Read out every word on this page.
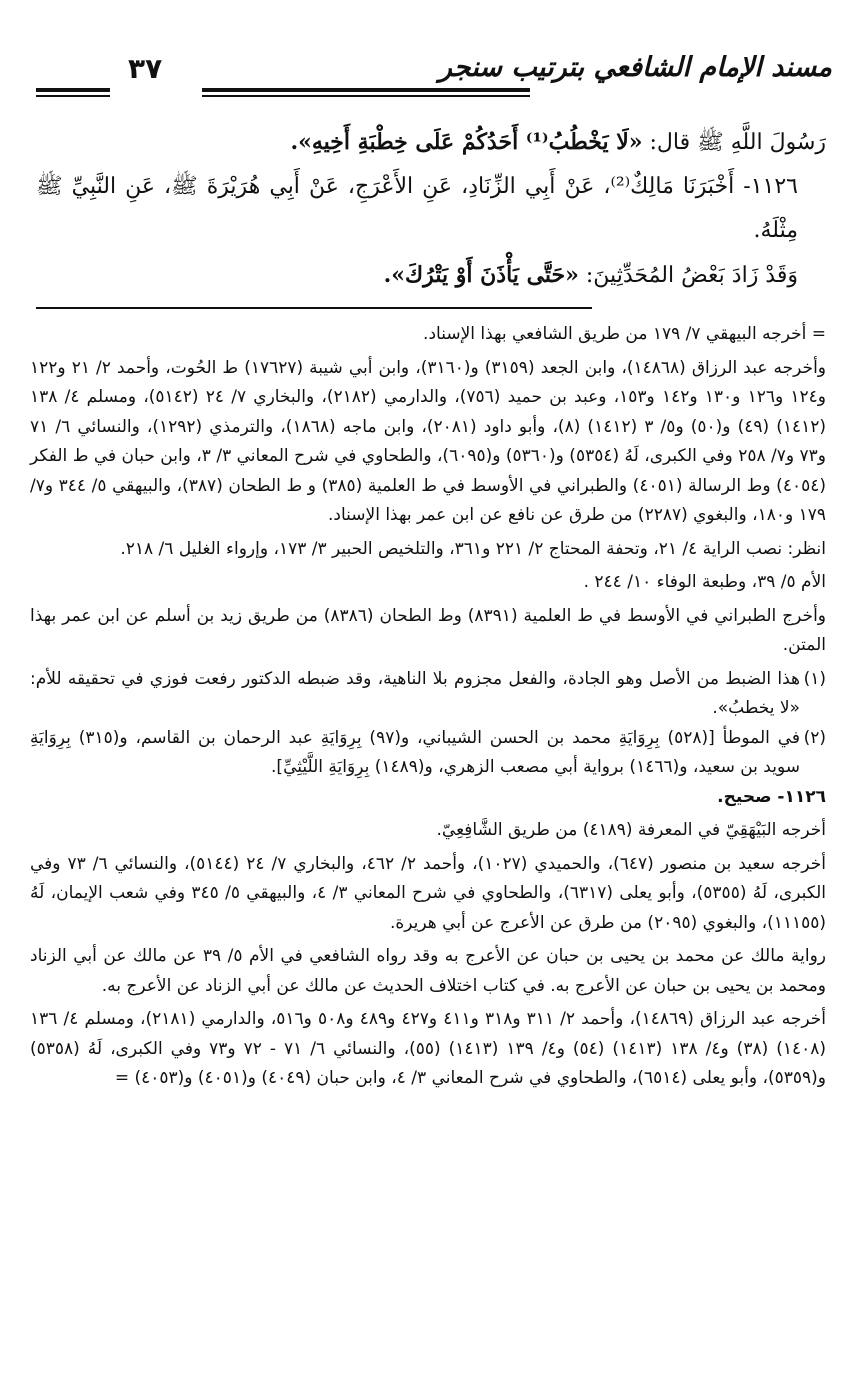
مسند الإمام الشافعي بترتيب سنجر
٣٧

رَسُولَ اللَّهِ ﷺ قال: «لَا يَخْطُبُ⁽¹⁾ أَحَدُكُمْ عَلَى خِطْبَةِ أَخِيهِ».

١١٢٦- أَخْبَرَنَا مَالِكٌ⁽²⁾، عَنْ أَبِي الزِّنَادِ، عَنِ الأَعْرَجِ، عَنْ أَبِي هُرَيْرَةَ ﷺ، عَنِ النَّبِيِّ ﷺ مِثْلَهُ.

وَقَدْ زَادَ بَعْضُ المُحَدِّثِينَ: «حَتَّى يَأْذَنَ أَوْ يَتْرُكَ».

= أخرجه البيهقي ٧/ ١٧٩ من طريق الشافعي بهذا الإسناد.

وأخرجه عبد الرزاق (١٤٨٦٨)، وابن الجعد (٣١٥٩) و(٣١٦٠)، وابن أبي شيبة (١٧٦٢٧) ط الحُوت، وأحمد ٢/ ٢١ و١٢٢ و١٢٤ و١٢٦ و١٣٠ و١٤٢ و١٥٣، وعبد بن حميد (٧٥٦)، والدارمي (٢١٨٢)، والبخاري ٧/ ٢٤ (٥١٤٢)، ومسلم ٤/ ١٣٨ (١٤١٢) (٤٩) و(٥٠) و٥/ ٣ (١٤١٢) (٨)، وأبو داود (٢٠٨١)، وابن ماجه (١٨٦٨)، والترمذي (١٢٩٢)، والنسائي ٦/ ٧١ و٧٣ و٧/ ٢٥٨ وفي الكبرى، لَهُ (٥٣٥٤) و(٥٣٦٠) و(٦٠٩٥)، والطحاوي في شرح المعاني ٣/ ٣، وابن حبان في ط الفكر (٤٠٥٤) وط الرسالة (٤٠٥١) والطبراني في الأوسط في ط العلمية (٣٨٥) و ط الطحان (٣٨٧)، والبيهقي ٥/ ٣٤٤ و٧/ ١٧٩ و١٨٠، والبغوي (٢٢٨٧) من طرق عن نافع عن ابن عمر بهذا الإسناد.

انظر: نصب الراية ٤/ ٢١، وتحفة المحتاج ٢/ ٢٢١ و٣٦١، والتلخيص الحبير ٣/ ١٧٣، وإرواء الغليل ٦/ ٢١٨.

الأم ٥/ ٣٩، وطبعة الوفاء ١٠/ ٢٤٤ .

وأخرج الطبراني في الأوسط في ط العلمية (٨٣٩١) وط الطحان (٨٣٨٦) من طريق زيد بن أسلم عن ابن عمر بهذا المتن.

(١)
هذا الضبط من الأصل وهو الجادة، والفعل مجزوم بلا الناهية، وقد ضبطه الدكتور رفعت فوزي في تحقيقه للأم: «لا يخطبُ».
(٢)
في الموطأ [(٥٢٨) بِرِوَايَةِ محمد بن الحسن الشيباني، و(٩٧) بِرِوَايَةِ عبد الرحمان بن القاسم، و(٣١٥) بِرِوَايَةِ سويد بن سعيد، و(١٤٦٦) برواية أبي مصعب الزهري، و(١٤٨٩) بِرِوَايَةِ اللَّيْثِيِّ].

١١٢٦- صحيح.

أخرجه البَيْهَقِيّ في المعرفة (٤١٨٩) من طريق الشَّافِعِيّ.

أخرجه سعيد بن منصور (٦٤٧)، والحميدي (١٠٢٧)، وأحمد ٢/ ٤٦٢، والبخاري ٧/ ٢٤ (٥١٤٤)، والنسائي ٦/ ٧٣ وفي الكبرى، لَهُ (٥٣٥٥)، وأبو يعلى (٦٣١٧)، والطحاوي في شرح المعاني ٣/ ٤، والبيهقي ٥/ ٣٤٥ وفي شعب الإيمان، لَهُ (١١١٥٥)، والبغوي (٢٠٩٥) من طرق عن الأعرج عن أبي هريرة.

رواية مالك عن محمد بن يحيى بن حبان عن الأعرج به وقد رواه الشافعي في الأم ٥/ ٣٩ عن مالك عن أبي الزناد ومحمد بن يحيى بن حبان عن الأعرج به. في كتاب اختلاف الحديث عن مالك عن أبي الزناد عن الأعرج به.

أخرجه عبد الرزاق (١٤٨٦٩)، وأحمد ٢/ ٣١١ و٣١٨ و٤١١ و٤٢٧ و٤٨٩ و٥٠٨ و٥١٦، والدارمي (٢١٨١)، ومسلم ٤/ ١٣٦ (١٤٠٨) (٣٨) و٤/ ١٣٨ (١٤١٣) (٥٤) و٤/ ١٣٩ (١٤١٣) (٥٥)، والنسائي ٦/ ٧١ - ٧٢ و٧٣ وفي الكبرى، لَهُ (٥٣٥٨) و(٥٣٥٩)، وأبو يعلى (٦٥١٤)، والطحاوي في شرح المعاني ٣/ ٤، وابن حبان (٤٠٤٩) و(٤٠٥١) و(٤٠٥٣) =
